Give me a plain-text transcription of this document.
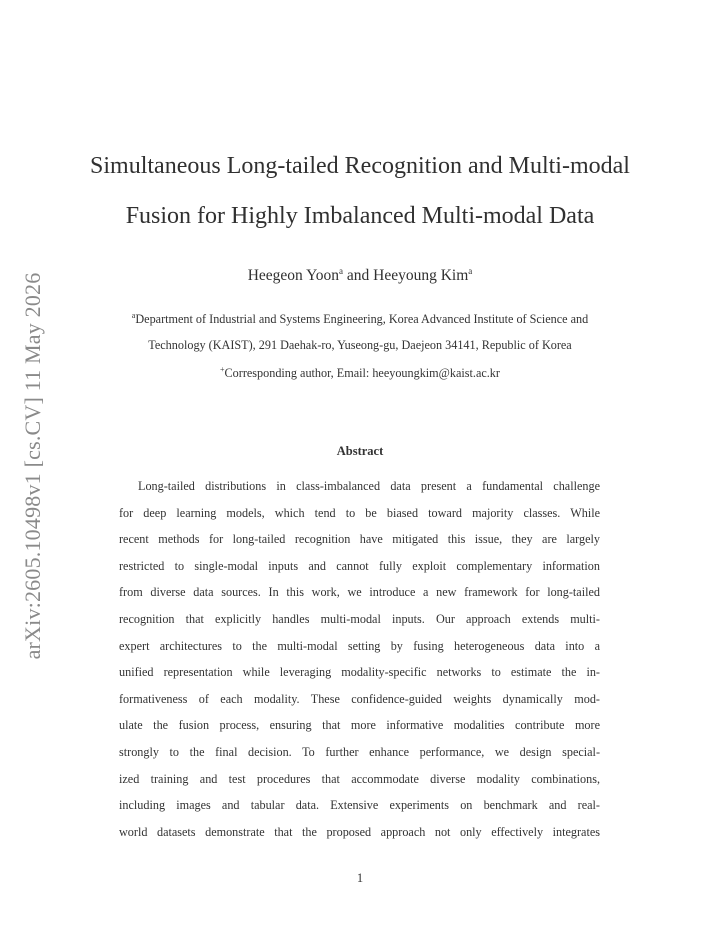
arXiv:2605.10498v1 [cs.CV] 11 May 2026
Simultaneous Long-tailed Recognition and Multi-modal
Fusion for Highly Imbalanced Multi-modal Data
Heegeon Yoon$^a$ and Heeyoung Kim$^a$
$^a$Department of Industrial and Systems Engineering, Korea Advanced Institute of Science and
Technology (KAIST), 291 Daehak-ro, Yuseong-gu, Daejeon 34141, Republic of Korea
+Corresponding author, Email: heeyoungkim@kaist.ac.kr
Abstract
Long-tailed distributions in class-imbalanced data present a fundamental challenge
for deep learning models, which tend to be biased toward majority classes. While
recent methods for long-tailed recognition have mitigated this issue, they are largely
restricted to single-modal inputs and cannot fully exploit complementary information
from diverse data sources. In this work, we introduce a new framework for long-tailed
recognition that explicitly handles multi-modal inputs. Our approach extends multi-
expert architectures to the multi-modal setting by fusing heterogeneous data into a
unified representation while leveraging modality-specific networks to estimate the in-
formativeness of each modality. These confidence-guided weights dynamically mod-
ulate the fusion process, ensuring that more informative modalities contribute more
strongly to the final decision. To further enhance performance, we design special-
ized training and test procedures that accommodate diverse modality combinations,
including images and tabular data. Extensive experiments on benchmark and real-
world datasets demonstrate that the proposed approach not only effectively integrates
1
